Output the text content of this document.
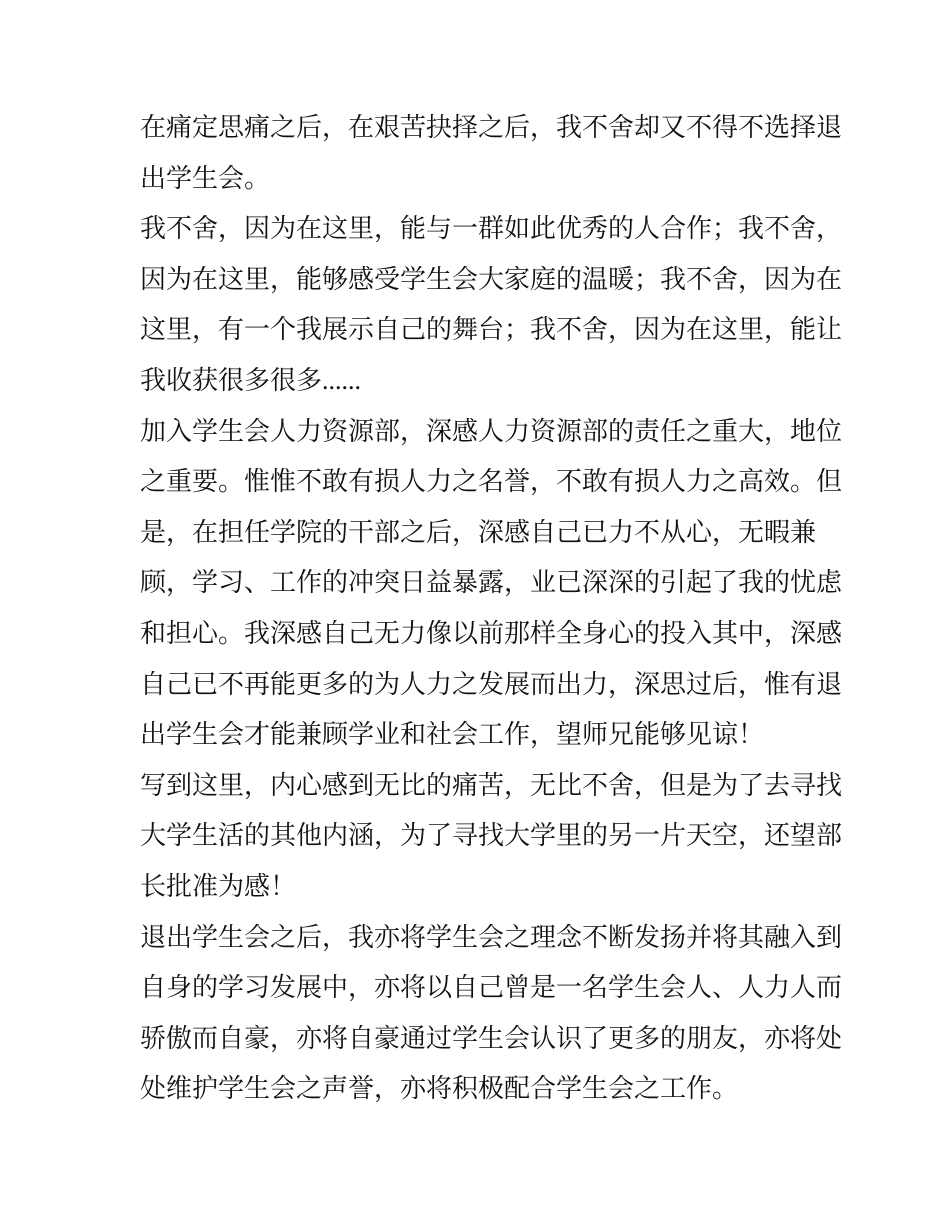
在痛定思痛之后，在艰苦抉择之后，我不舍却又不得不选择退
出学生会。
我不舍，因为在这里，能与一群如此优秀的人合作；我不舍，
因为在这里，能够感受学生会大家庭的温暖；我不舍，因为在
这里，有一个我展示自己的舞台；我不舍，因为在这里，能让
我收获很多很多......
加入学生会人力资源部，深感人力资源部的责任之重大，地位
之重要。惟惟不敢有损人力之名誉，不敢有损人力之高效。但
是，在担任学院的干部之后，深感自己已力不从心，无暇兼
顾，学习、工作的冲突日益暴露，业已深深的引起了我的忧虑
和担心。我深感自己无力像以前那样全身心的投入其中，深感
自己已不再能更多的为人力之发展而出力，深思过后，惟有退
出学生会才能兼顾学业和社会工作，望师兄能够见谅！
写到这里，内心感到无比的痛苦，无比不舍，但是为了去寻找
大学生活的其他内涵，为了寻找大学里的另一片天空，还望部
长批准为感！
退出学生会之后，我亦将学生会之理念不断发扬并将其融入到
自身的学习发展中，亦将以自己曾是一名学生会人、人力人而
骄傲而自豪，亦将自豪通过学生会认识了更多的朋友，亦将处
处维护学生会之声誉，亦将积极配合学生会之工作。
